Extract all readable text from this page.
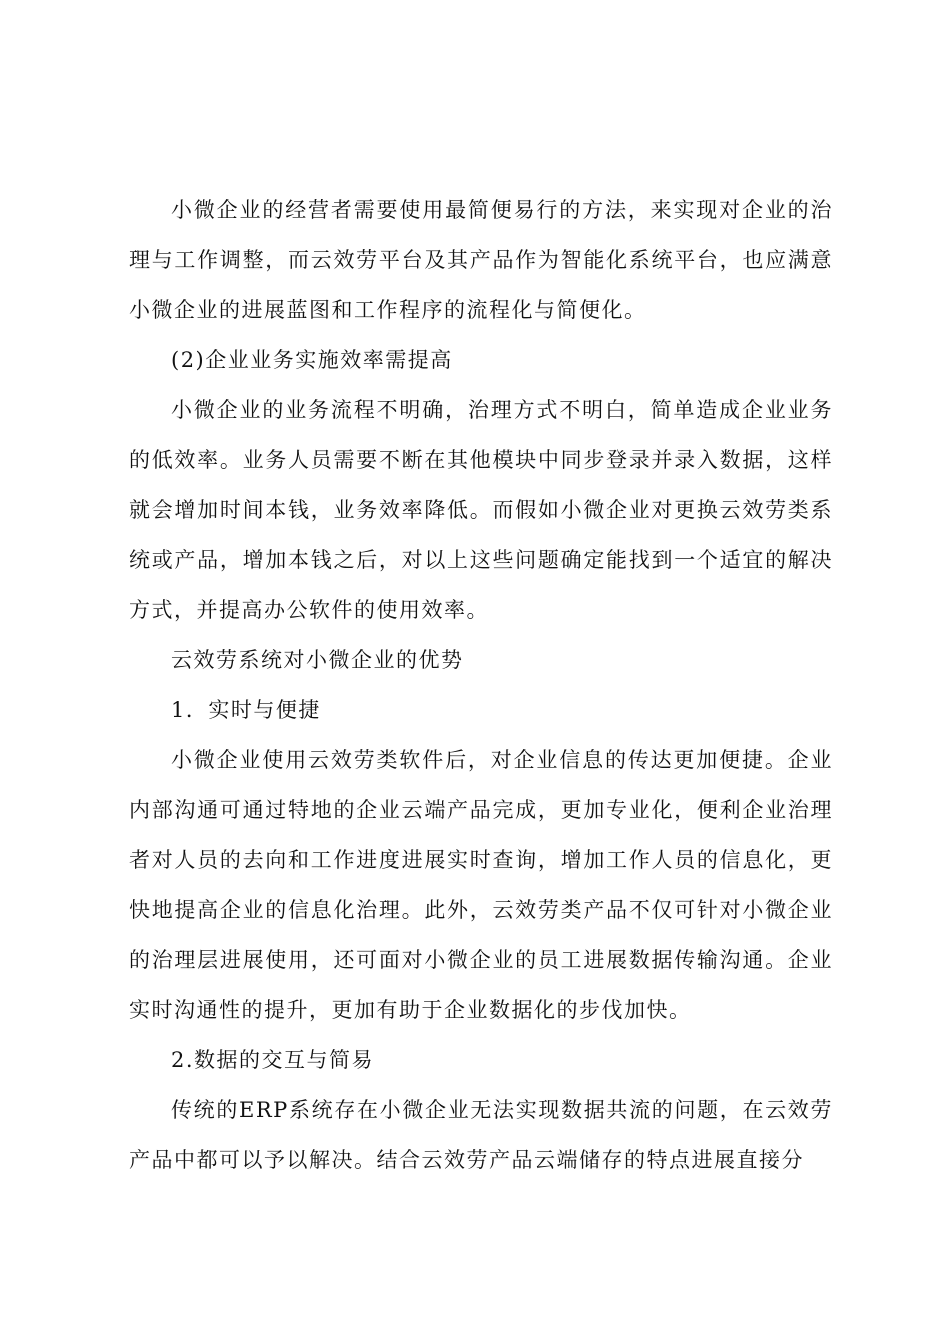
小微企业的经营者需要使用最简便易行的方法，来实现对企业的治理与工作调整，而云效劳平台及其产品作为智能化系统平台，也应满意小微企业的进展蓝图和工作程序的流程化与简便化。

(2)企业业务实施效率需提高

小微企业的业务流程不明确，治理方式不明白，简单造成企业业务的低效率。业务人员需要不断在其他模块中同步登录并录入数据，这样就会增加时间本钱，业务效率降低。而假如小微企业对更换云效劳类系统或产品，增加本钱之后，对以上这些问题确定能找到一个适宜的解决方式，并提高办公软件的使用效率。

云效劳系统对小微企业的优势

1．实时与便捷

小微企业使用云效劳类软件后，对企业信息的传达更加便捷。企业内部沟通可通过特地的企业云端产品完成，更加专业化，便利企业治理者对人员的去向和工作进度进展实时查询，增加工作人员的信息化，更快地提高企业的信息化治理。此外，云效劳类产品不仅可针对小微企业的治理层进展使用，还可面对小微企业的员工进展数据传输沟通。企业实时沟通性的提升，更加有助于企业数据化的步伐加快。

2.数据的交互与简易

传统的ERP系统存在小微企业无法实现数据共流的问题，在云效劳产品中都可以予以解决。结合云效劳产品云端储存的特点进展直接分
